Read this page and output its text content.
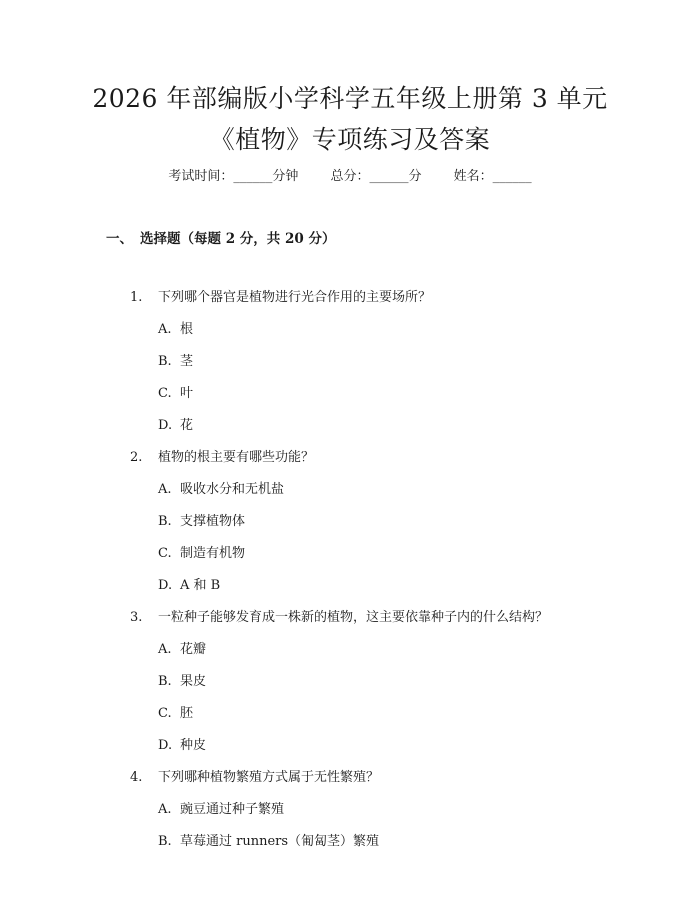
2026 年部编版小学科学五年级上册第 3 单元
《植物》专项练习及答案
考试时间：______分钟 总分：______分 姓名：______
一、 选择题（每题 2 分，共 20 分）
1. 下列哪个器官是植物进行光合作用的主要场所？
A. 根
B. 茎
C. 叶
D. 花
2. 植物的根主要有哪些功能？
A. 吸收水分和无机盐
B. 支撑植物体
C. 制造有机物
D. A 和 B
3. 一粒种子能够发育成一株新的植物，这主要依靠种子内的什么结构？
A. 花瓣
B. 果皮
C. 胚
D. 种皮
4. 下列哪种植物繁殖方式属于无性繁殖？
A. 豌豆通过种子繁殖
B. 草莓通过 runners（匍匐茎）繁殖
